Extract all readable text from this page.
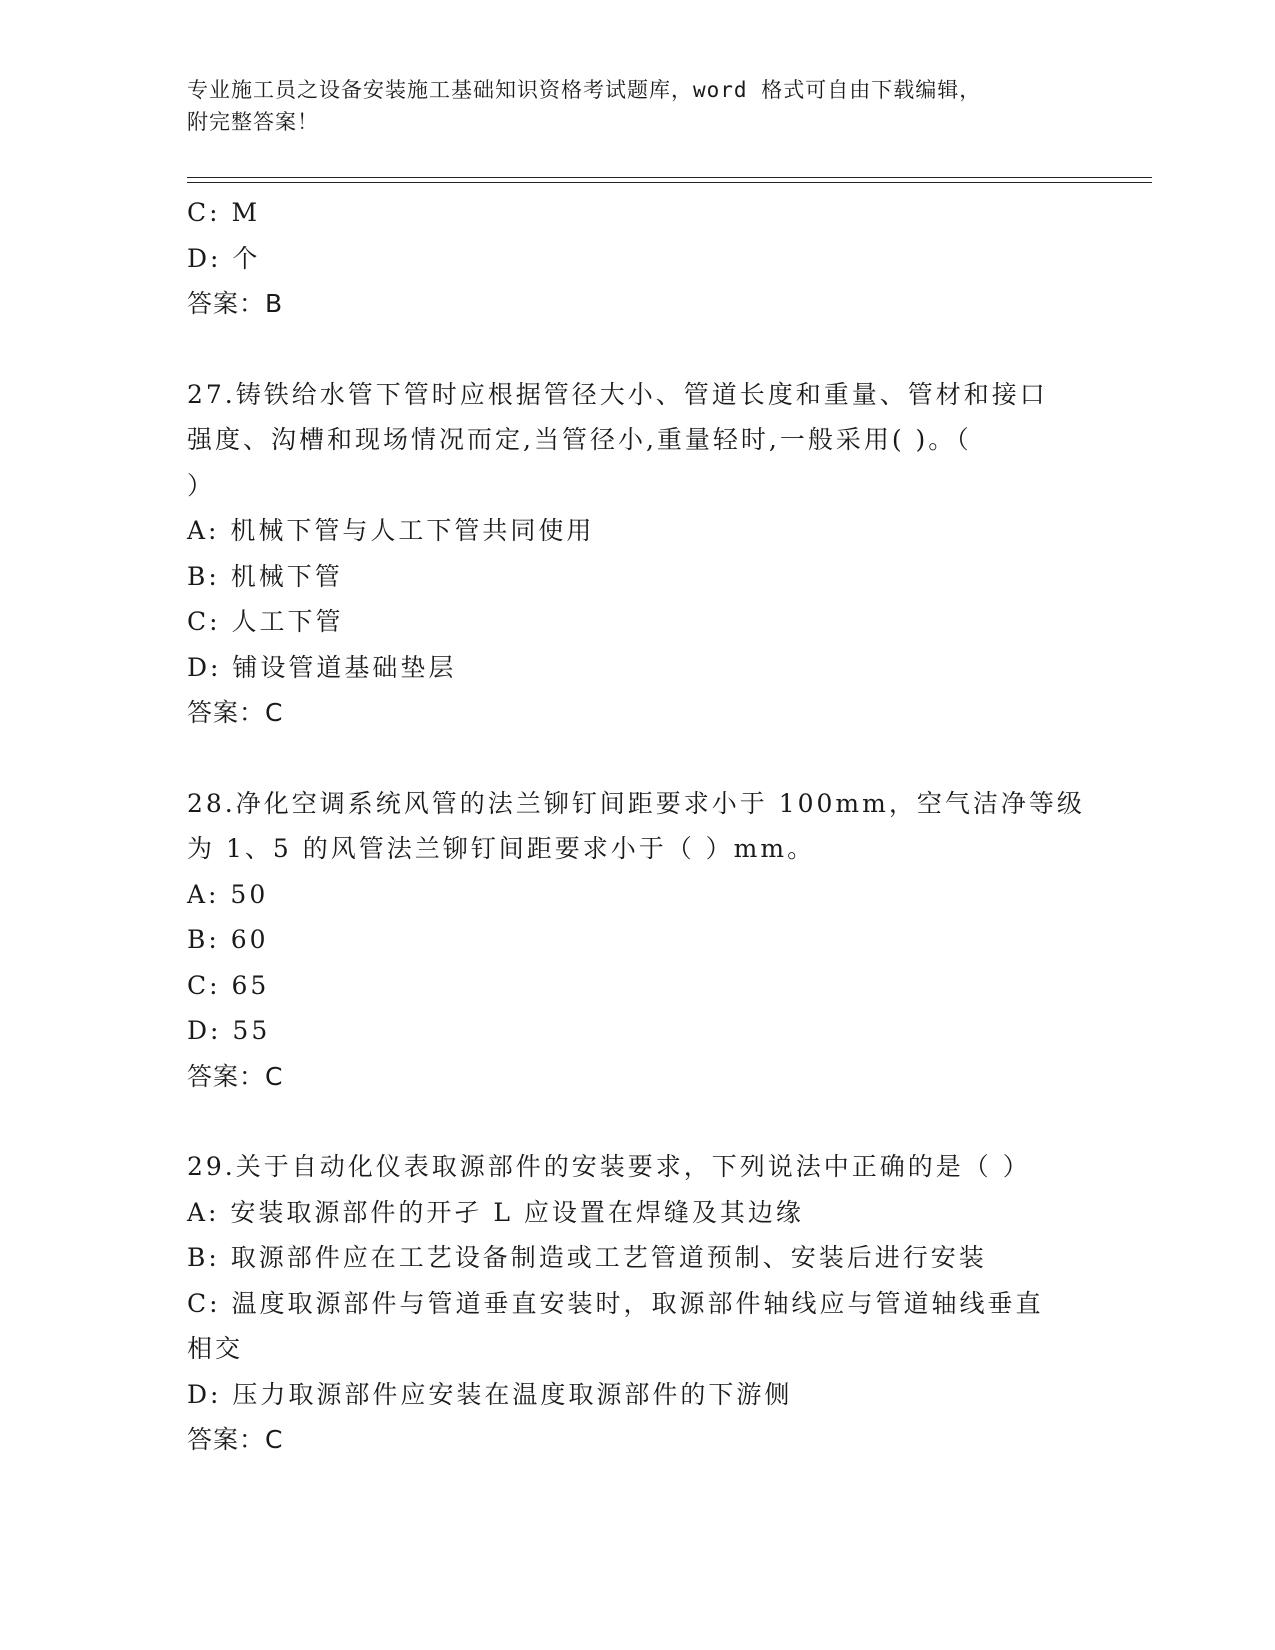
专业施工员之设备安装施工基础知识资格考试题库，word 格式可自由下载编辑，
附完整答案！

C: M

D: 个

答案：B

27.铸铁给水管下管时应根据管径大小、管道长度和重量、管材和接口

强度、沟槽和现场情况而定,当管径小,重量轻时,一般采用( )。（

）

A: 机械下管与人工下管共同使用

B: 机械下管

C: 人工下管

D: 铺设管道基础垫层

答案：C

28.净化空调系统风管的法兰铆钉间距要求小于 100mm，空气洁净等级

为 1、5 的风管法兰铆钉间距要求小于（ ）mm。

A: 50

B: 60

C: 65

D: 55

答案：C

29.关于自动化仪表取源部件的安装要求，下列说法中正确的是（ ）

A: 安装取源部件的开孑 L 应设置在焊缝及其边缘

B: 取源部件应在工艺设备制造或工艺管道预制、安装后进行安装

C: 温度取源部件与管道垂直安装时，取源部件轴线应与管道轴线垂直

相交

D: 压力取源部件应安装在温度取源部件的下游侧

答案：C
